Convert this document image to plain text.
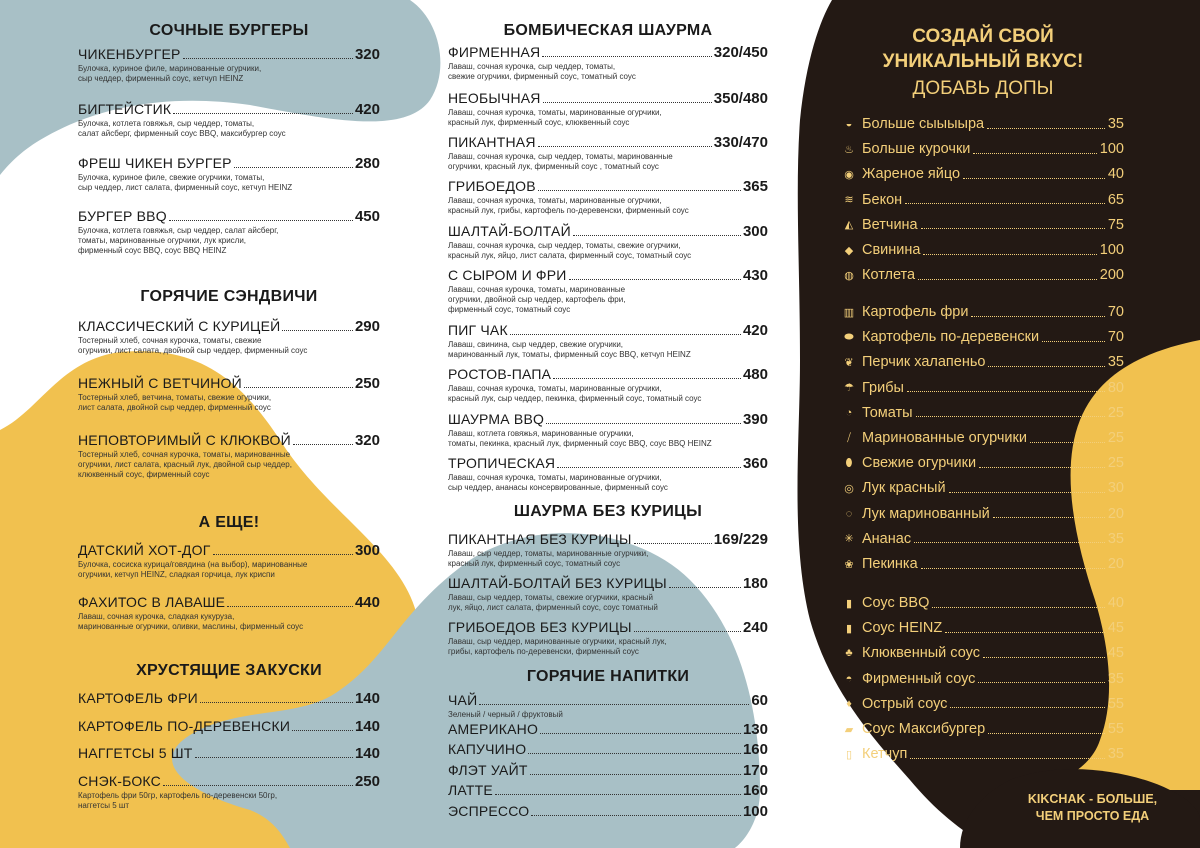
СОЧНЫЕ БУРГЕРЫ
ЧИКЕНБУРГЕР	320
Булочка, куриное филе, маринованные огурчики,
сыр чеддер, фирменный соус, кетчуп HEINZ
БИГТЕЙСТИК	420
Булочка, котлета говяжья, сыр чеддер, томаты,
салат айсберг, фирменный соус BBQ, максибургер соус
ФРЕШ ЧИКЕН БУРГЕР	280
Булочка, куриное филе, свежие огурчики, томаты,
сыр чеддер, лист салата, фирменный соус, кетчуп HEINZ
БУРГЕР BBQ	450
Булочка, котлета говяжья, сыр чеддер, салат айсберг,
томаты, маринованные огурчики, лук крисли,
фирменный соус BBQ, соус BBQ HEINZ
ГОРЯЧИЕ СЭНДВИЧИ
КЛАССИЧЕСКИЙ С КУРИЦЕЙ	290
Тостерный хлеб, сочная курочка, томаты, свежие
огурчики, лист салата, двойной сыр чеддер, фирменный соус
НЕЖНЫЙ С ВЕТЧИНОЙ	250
Тостерный хлеб, ветчина, томаты, свежие огурчики,
лист салата, двойной сыр чеддер, фирменный соус
НЕПОВТОРИМЫЙ С КЛЮКВОЙ	320
Тостерный хлеб, сочная курочка, томаты, маринованные
огурчики, лист салата, красный лук, двойной сыр чеддер,
клюквенный соус, фирменный соус
А ЕЩЕ!
ДАТСКИЙ ХОТ-ДОГ	300
Булочка, сосиска курица/говядина (на выбор), маринованные
огурчики, кетчуп HEINZ, сладкая горчица, лук криспи
ФАХИТОС В ЛАВАШЕ	440
Лаваш, сочная курочка, сладкая кукуруза,
маринованные огурчики, оливки, маслины, фирменный соус
ХРУСТЯЩИЕ ЗАКУСКИ
КАРТОФЕЛЬ ФРИ	140
КАРТОФЕЛЬ ПО-ДЕРЕВЕНСКИ	140
НАГГЕТСЫ 5 ШТ	140
СНЭК-БОКС	250
Картофель фри 50гр, картофель по-деревенски 50гр,
наггетсы 5 шт
БОМБИЧЕСКАЯ ШАУРМА
ФИРМЕННАЯ	320/450
Лаваш, сочная курочка, сыр чеддер, томаты,
свежие огурчики, фирменный соус, томатный соус
НЕОБЫЧНАЯ	350/480
Лаваш, сочная курочка, томаты, маринованные огурчики,
красный лук, фирменный соус, клюквенный соус
ПИКАНТНАЯ	330/470
Лаваш, сочная курочка, сыр чеддер, томаты, маринованные
огурчики, красный лук, фирменный соус , томатный соус
ГРИБОЕДОВ	365
Лаваш, сочная курочка, томаты, маринованные огурчики,
красный лук, грибы, картофель по-деревенски, фирменный соус
ШАЛТАЙ-БОЛТАЙ	300
Лаваш, сочная курочка, сыр чеддер, томаты, свежие огурчики,
красный лук, яйцо, лист салата, фирменный соус, томатный соус
С СЫРОМ И ФРИ	430
Лаваш, сочная курочка, томаты, маринованные
огурчики, двойной сыр чеддер, картофель фри,
фирменный соус, томатный соус
ПИГ ЧАК	420
Лаваш, свинина, сыр чеддер, свежие огурчики,
маринованный лук, томаты, фирменный соус BBQ, кетчуп HEINZ
РОСТОВ-ПАПА	480
Лаваш, сочная курочка, томаты, маринованные огурчики,
красный лук, сыр чеддер, пекинка, фирменный соус, томатный соус
ШАУРМА BBQ	390
Лаваш, котлета говяжья, маринованные огурчики,
томаты, пекинка, красный лук, фирменный соус BBQ, соус BBQ HEINZ
ТРОПИЧЕСКАЯ	360
Лаваш, сочная курочка, томаты, маринованные огурчики,
сыр чеддер, ананасы консервированные, фирменный соус
ШАУРМА БЕЗ КУРИЦЫ
ПИКАНТНАЯ БЕЗ КУРИЦЫ	169/229
Лаваш, сыр чеддер, томаты, маринованные огурчики,
красный лук, фирменный соус, томатный соус
ШАЛТАЙ-БОЛТАЙ БЕЗ КУРИЦЫ	180
Лаваш, сыр чеддер, томаты, свежие огурчики, красный
лук, яйцо, лист салата, фирменный соус, соус томатный
ГРИБОЕДОВ БЕЗ КУРИЦЫ	240
Лаваш, сыр чеддер, маринованные огурчики, красный лук,
грибы, картофель по-деревенски, фирменный соус
ГОРЯЧИЕ НАПИТКИ
ЧАЙ	60
Зеленый / черный / фруктовый
АМЕРИКАНО	130
КАПУЧИНО	160
ФЛЭТ УАЙТ	170
ЛАТТЕ	160
ЭСПРЕССО	100
СОЗДАЙ СВОЙ
УНИКАЛЬНЫЙ ВКУС!
ДОБАВЬ ДОПЫ
◒ Больше сыыыыра	35
♨ Больше курочки	100
◉ Жареное яйцо	40
≋ Бекон	65
◭ Ветчина	75
◆ Свинина	100
◍ Котлета	200
▥ Картофель фри	70
⬬ Картофель по-деревенски	70
❦ Перчик халапеньо	35
☂ Грибы	80
◔ Томаты	25
⧸ Маринованные огурчики	25
⬮ Свежие огурчики	25
◎ Лук красный	30
◌ Лук маринованный	20
✳ Ананас	35
❀ Пекинка	20
▮ Соус BBQ	40
▮ Соус HEINZ	45
♣ Клюквенный соус	45
◓ Фирменный соус	35
♦ Острый соус	55
▰ Соус Максибургер	55
▯ Кетчуп	35
KIKCHAK - БОЛЬШЕ,
ЧЕМ ПРОСТО ЕДА
